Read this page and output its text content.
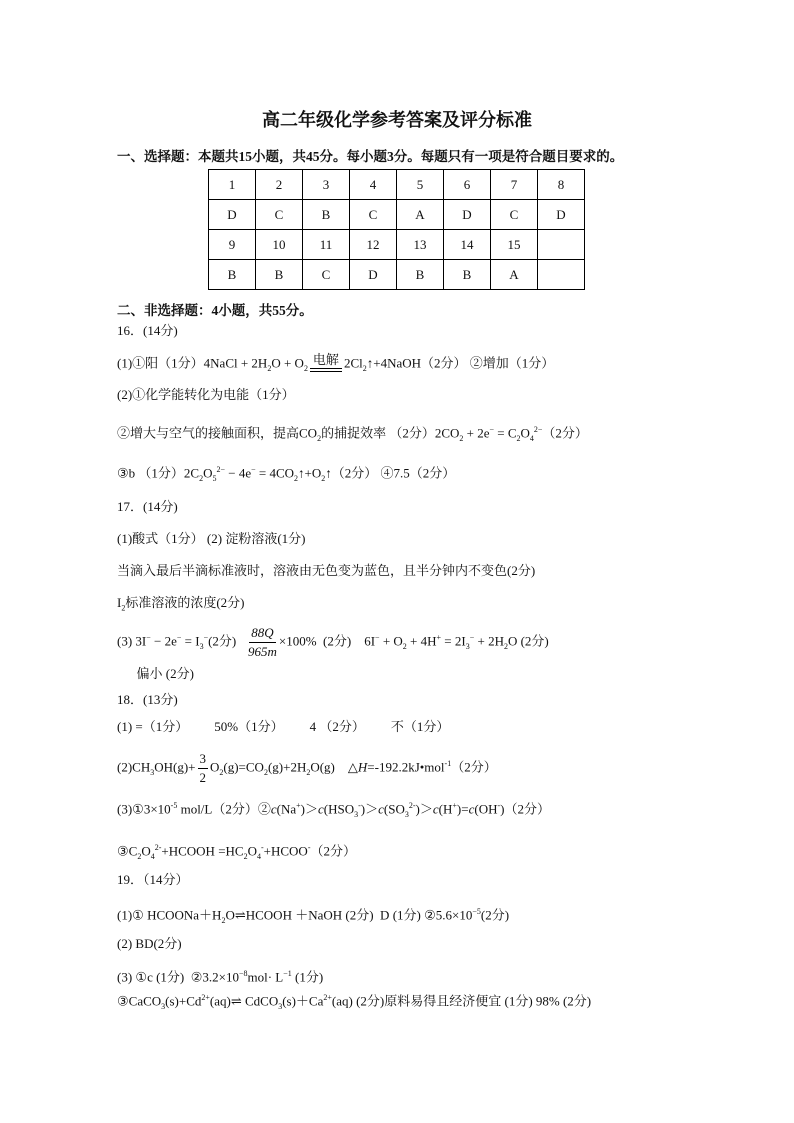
高二年级化学参考答案及评分标准
一、选择题：本题共15小题，共45分。每小题3分。每题只有一项是符合题目要求的。
1	2	3	4	5	6	7	8
D	C	B	C	A	D	C	D
9	10	11	12	13	14	15	
B	B	C	D	B	B	A	
二、非选择题：4小题，共55分。
16．(14分)
(1)①阳（1分）4NaCl + $2H_2O + O_2$
电解 $2Cl_2↑+4NaOH(2$分） ②增加（1分）
(2)①化学能转化为电能（1分）
②增大与空气的接触面积，提高$CO_2$的捕捉效率 （2分）$2CO_2 + 2e^- = C_2O_4^{2-}(2$分）
③b （1分）$2C_2O_5^{2-} - 4e^-$ = $4CO_2↑+O_2↑(2$分） ④7.5（2分）
17．(14分)
(1)酸式（1分） (2) 淀粉溶液(1分)
当滴入最后半滴标准液时，溶液由无色变为蓝色，且半分钟内不变色(2分)
$I_2$标准溶液的浓度(2分)
(3) $3I^- - 2e^- = I_3^-(2$分) $\frac{88Q}{965m} \times 100\%$  (2分)    $6I^- + O_2 + 4H^+ = 2I_3^- + 2H_2O$ (2分)
偏小 (2分)
18．(13分)
(1) =（1分）        50%（1分）        4 （2分）        不（1分）
$(2)CH_3OH(g)+ \frac{3}{2} O_2(g)=CO_2(g)+2H_2O(g)$    △H=-192.2kJ•mol$^{-1}$（2分）
$(3)①3\times 10^{-5}$ mol/L（2分）$②c(Na^+)>c(HSO_3^-)>c(SO_3^{2-})>c(H^+)=c(OH^-)(2$分）
$③C_2O_4^{2-}+HCOOH$ $=HC_2O_4^-+HCOO^-(2$分）
19．（14分）
(1)① $HCOONa+H_2O\rightleftharpoons HCOOH$ ＋NaOH (2分)  D (1分) $②5.6\times 10^{-5}(2$分)
(2) BD(2分)
(3) ①c (1分)  $②3.2\times 10^{-8}mol\cdot L^{-1}$ (1分)
$③CaCO_3(s)+Cd^{2+}(aq)\rightleftharpoons$ $CdCO_3(s)+Ca^{2+}(aq)$ (2分)原料易得且经济便宜 (1分) 98% (2分)
